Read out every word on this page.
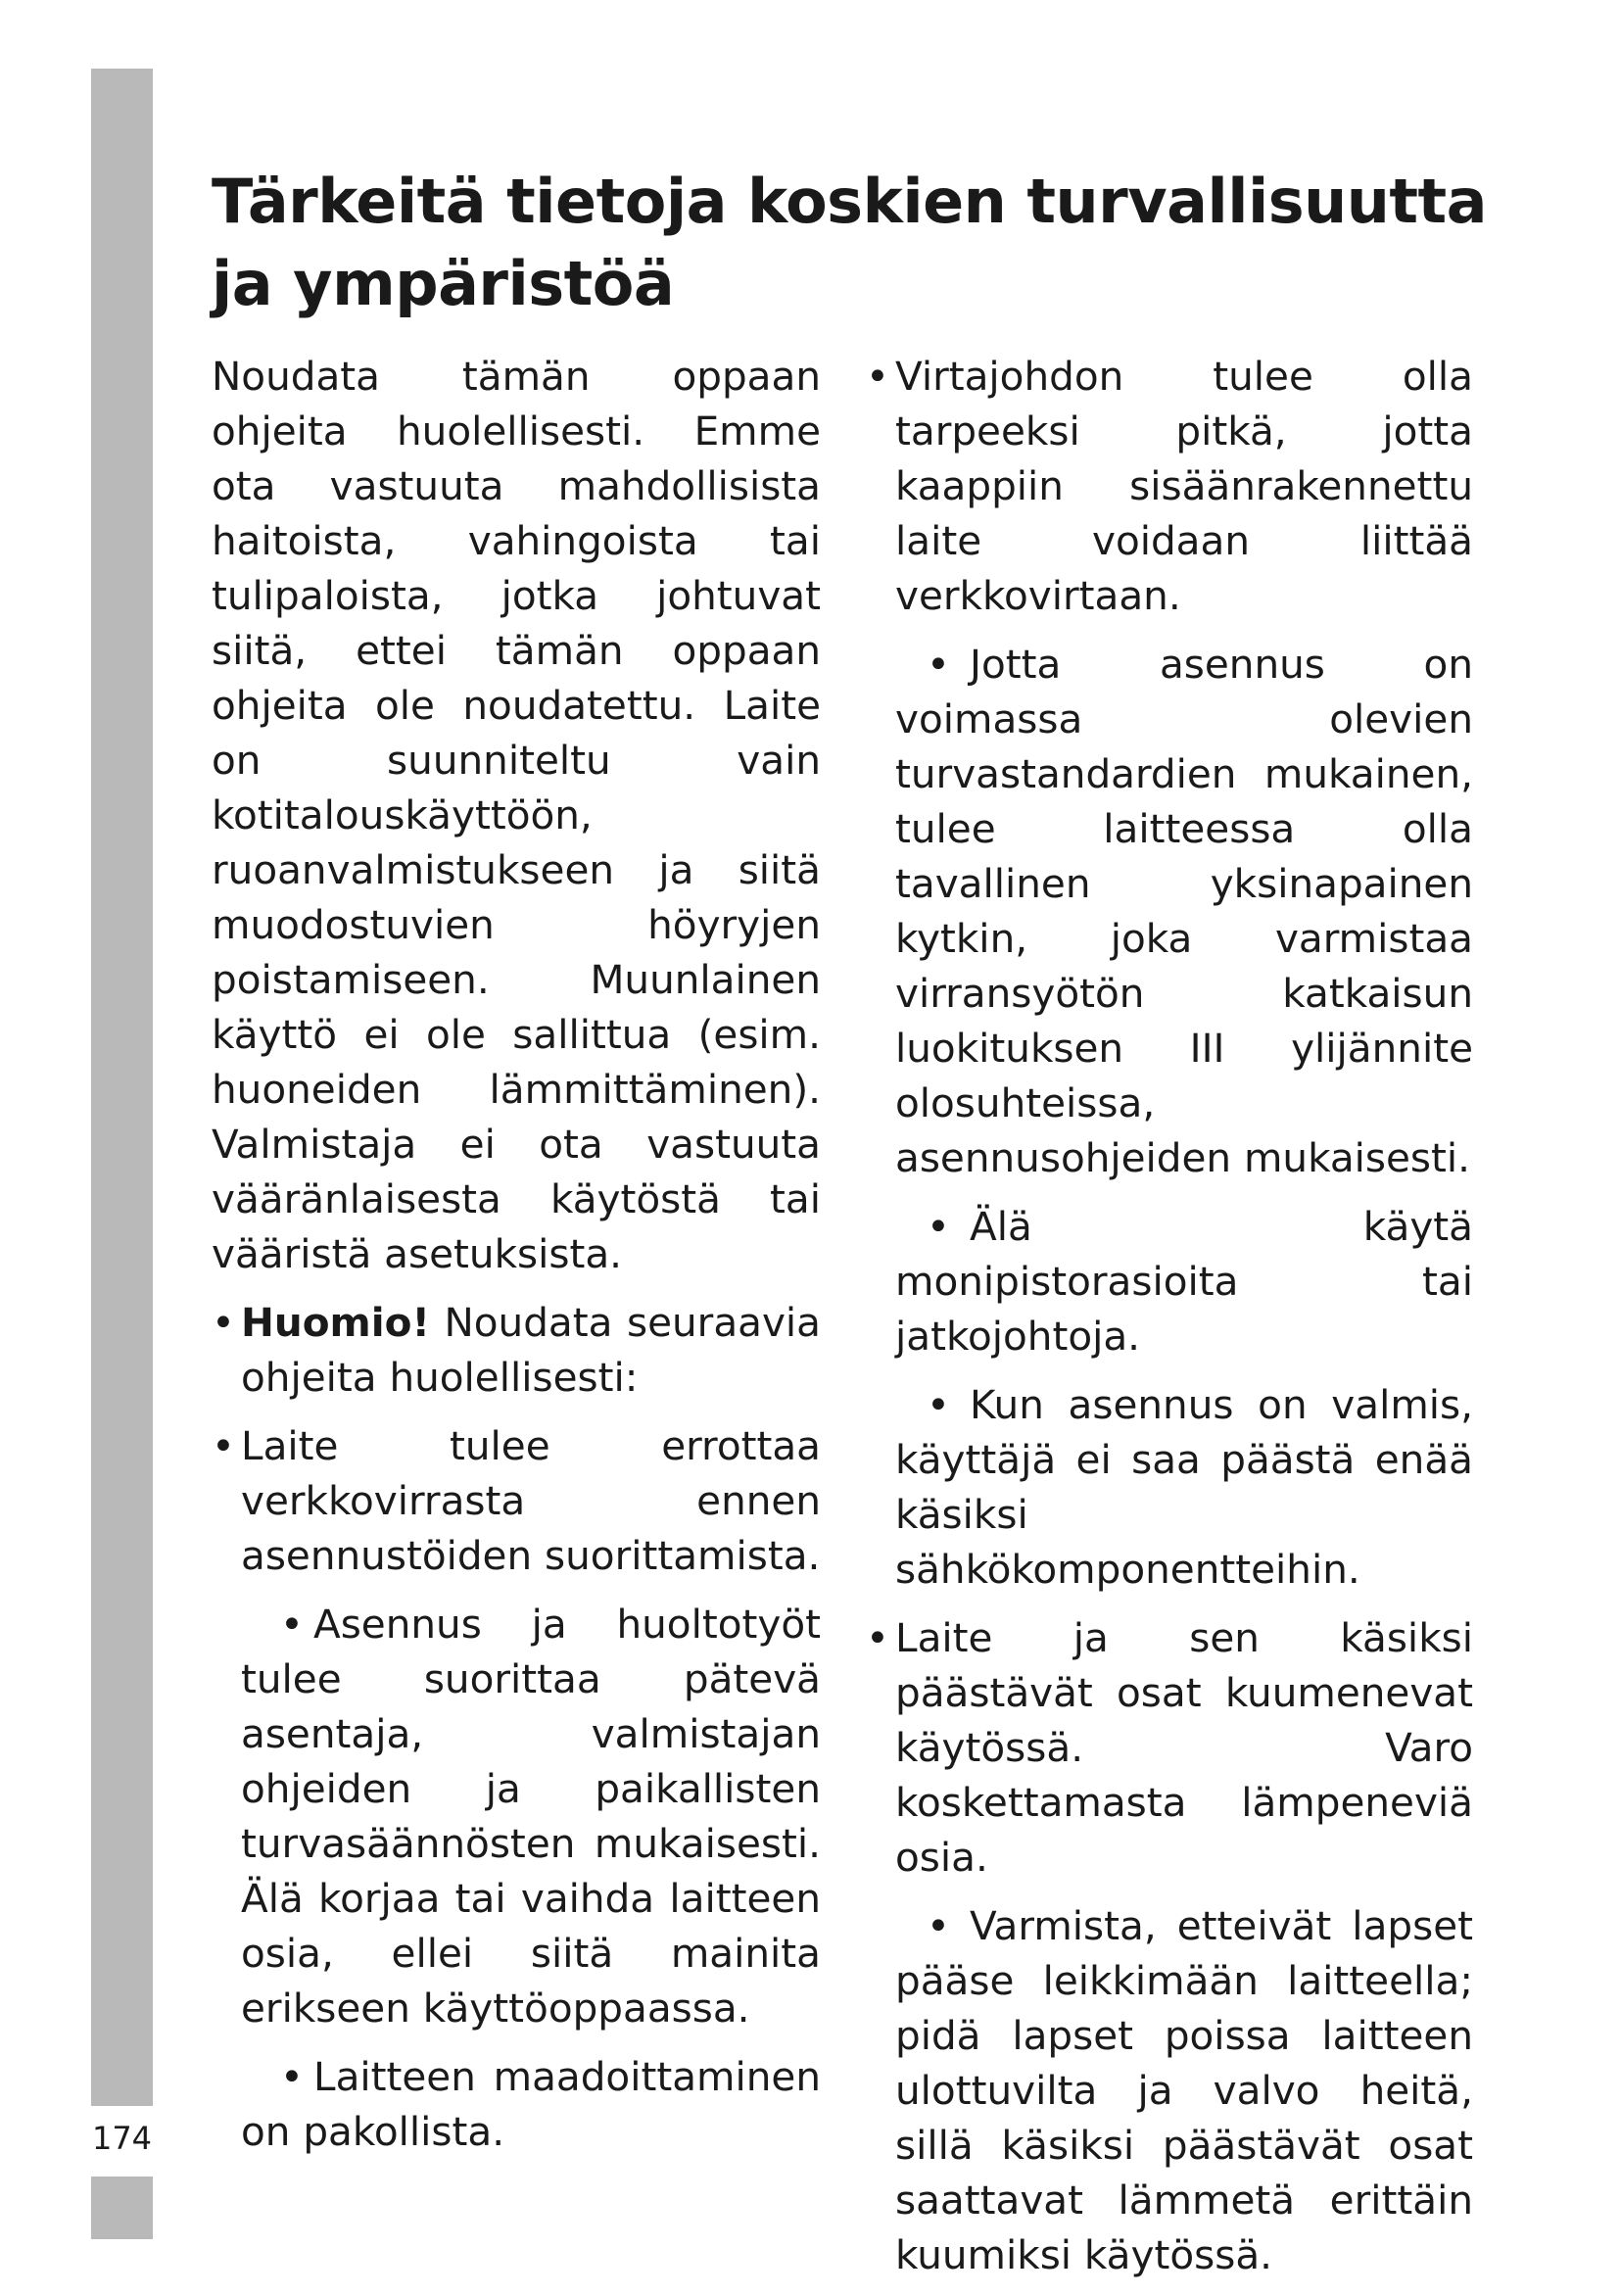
174
Tärkeitä tietoja koskien turvallisuutta ja ympäristöä

Noudata tämän oppaan ohjeita huolellisesti. Emme ota vastuuta mahdollisista haitoista, vahingoista tai tulipaloista, jotka johtuvat siitä, ettei tämän oppaan ohjeita ole noudatettu. Laite on suunniteltu vain kotitalouskäyttöön, ruoanvalmistukseen ja siitä muodostuvien höyryjen poistamiseen. Muunlainen käyttö ei ole sallittua (esim. huoneiden lämmittäminen). Valmistaja ei ota vastuuta vääränlaisesta käytöstä tai vääristä asetuksista.

• Huomio! Noudata seuraavia ohjeita huolellisesti:

• Laite tulee errottaa verkkovirrasta ennen asennustöiden suorittamista.

• Asennus ja huoltotyöt tulee suorittaa pätevä asentaja, valmistajan ohjeiden ja paikallisten turvasäännösten mukaisesti. Älä korjaa tai vaihda laitteen osia, ellei siitä mainita erikseen käyttöoppaassa.

• Laitteen maadoittaminen on pakollista.

• Virtajohdon tulee olla tarpeeksi pitkä, jotta kaappiin sisäänrakennettu laite voidaan liittää verkkovirtaan.

• Jotta asennus on voimassa olevien turvastandardien mukainen, tulee laitteessa olla tavallinen yksinapainen kytkin, joka varmistaa virransyötön katkaisun luokituksen III ylijännite olosuhteissa, asennusohjeiden mukaisesti.

• Älä käytä monipistorasioita tai jatkojohtoja.

• Kun asennus on valmis, käyttäjä ei saa päästä enää käsiksi sähkökomponentteihin.

• Laite ja sen käsiksi päästävät osat kuumenevat käytössä. Varo koskettamasta lämpeneviä osia.

• Varmista, etteivät lapset pääse leikkimään laitteella; pidä lapset poissa laitteen ulottuvilta ja valvo heitä, sillä käsiksi päästävät osat saattavat lämmetä erittäin kuumiksi käytössä.
